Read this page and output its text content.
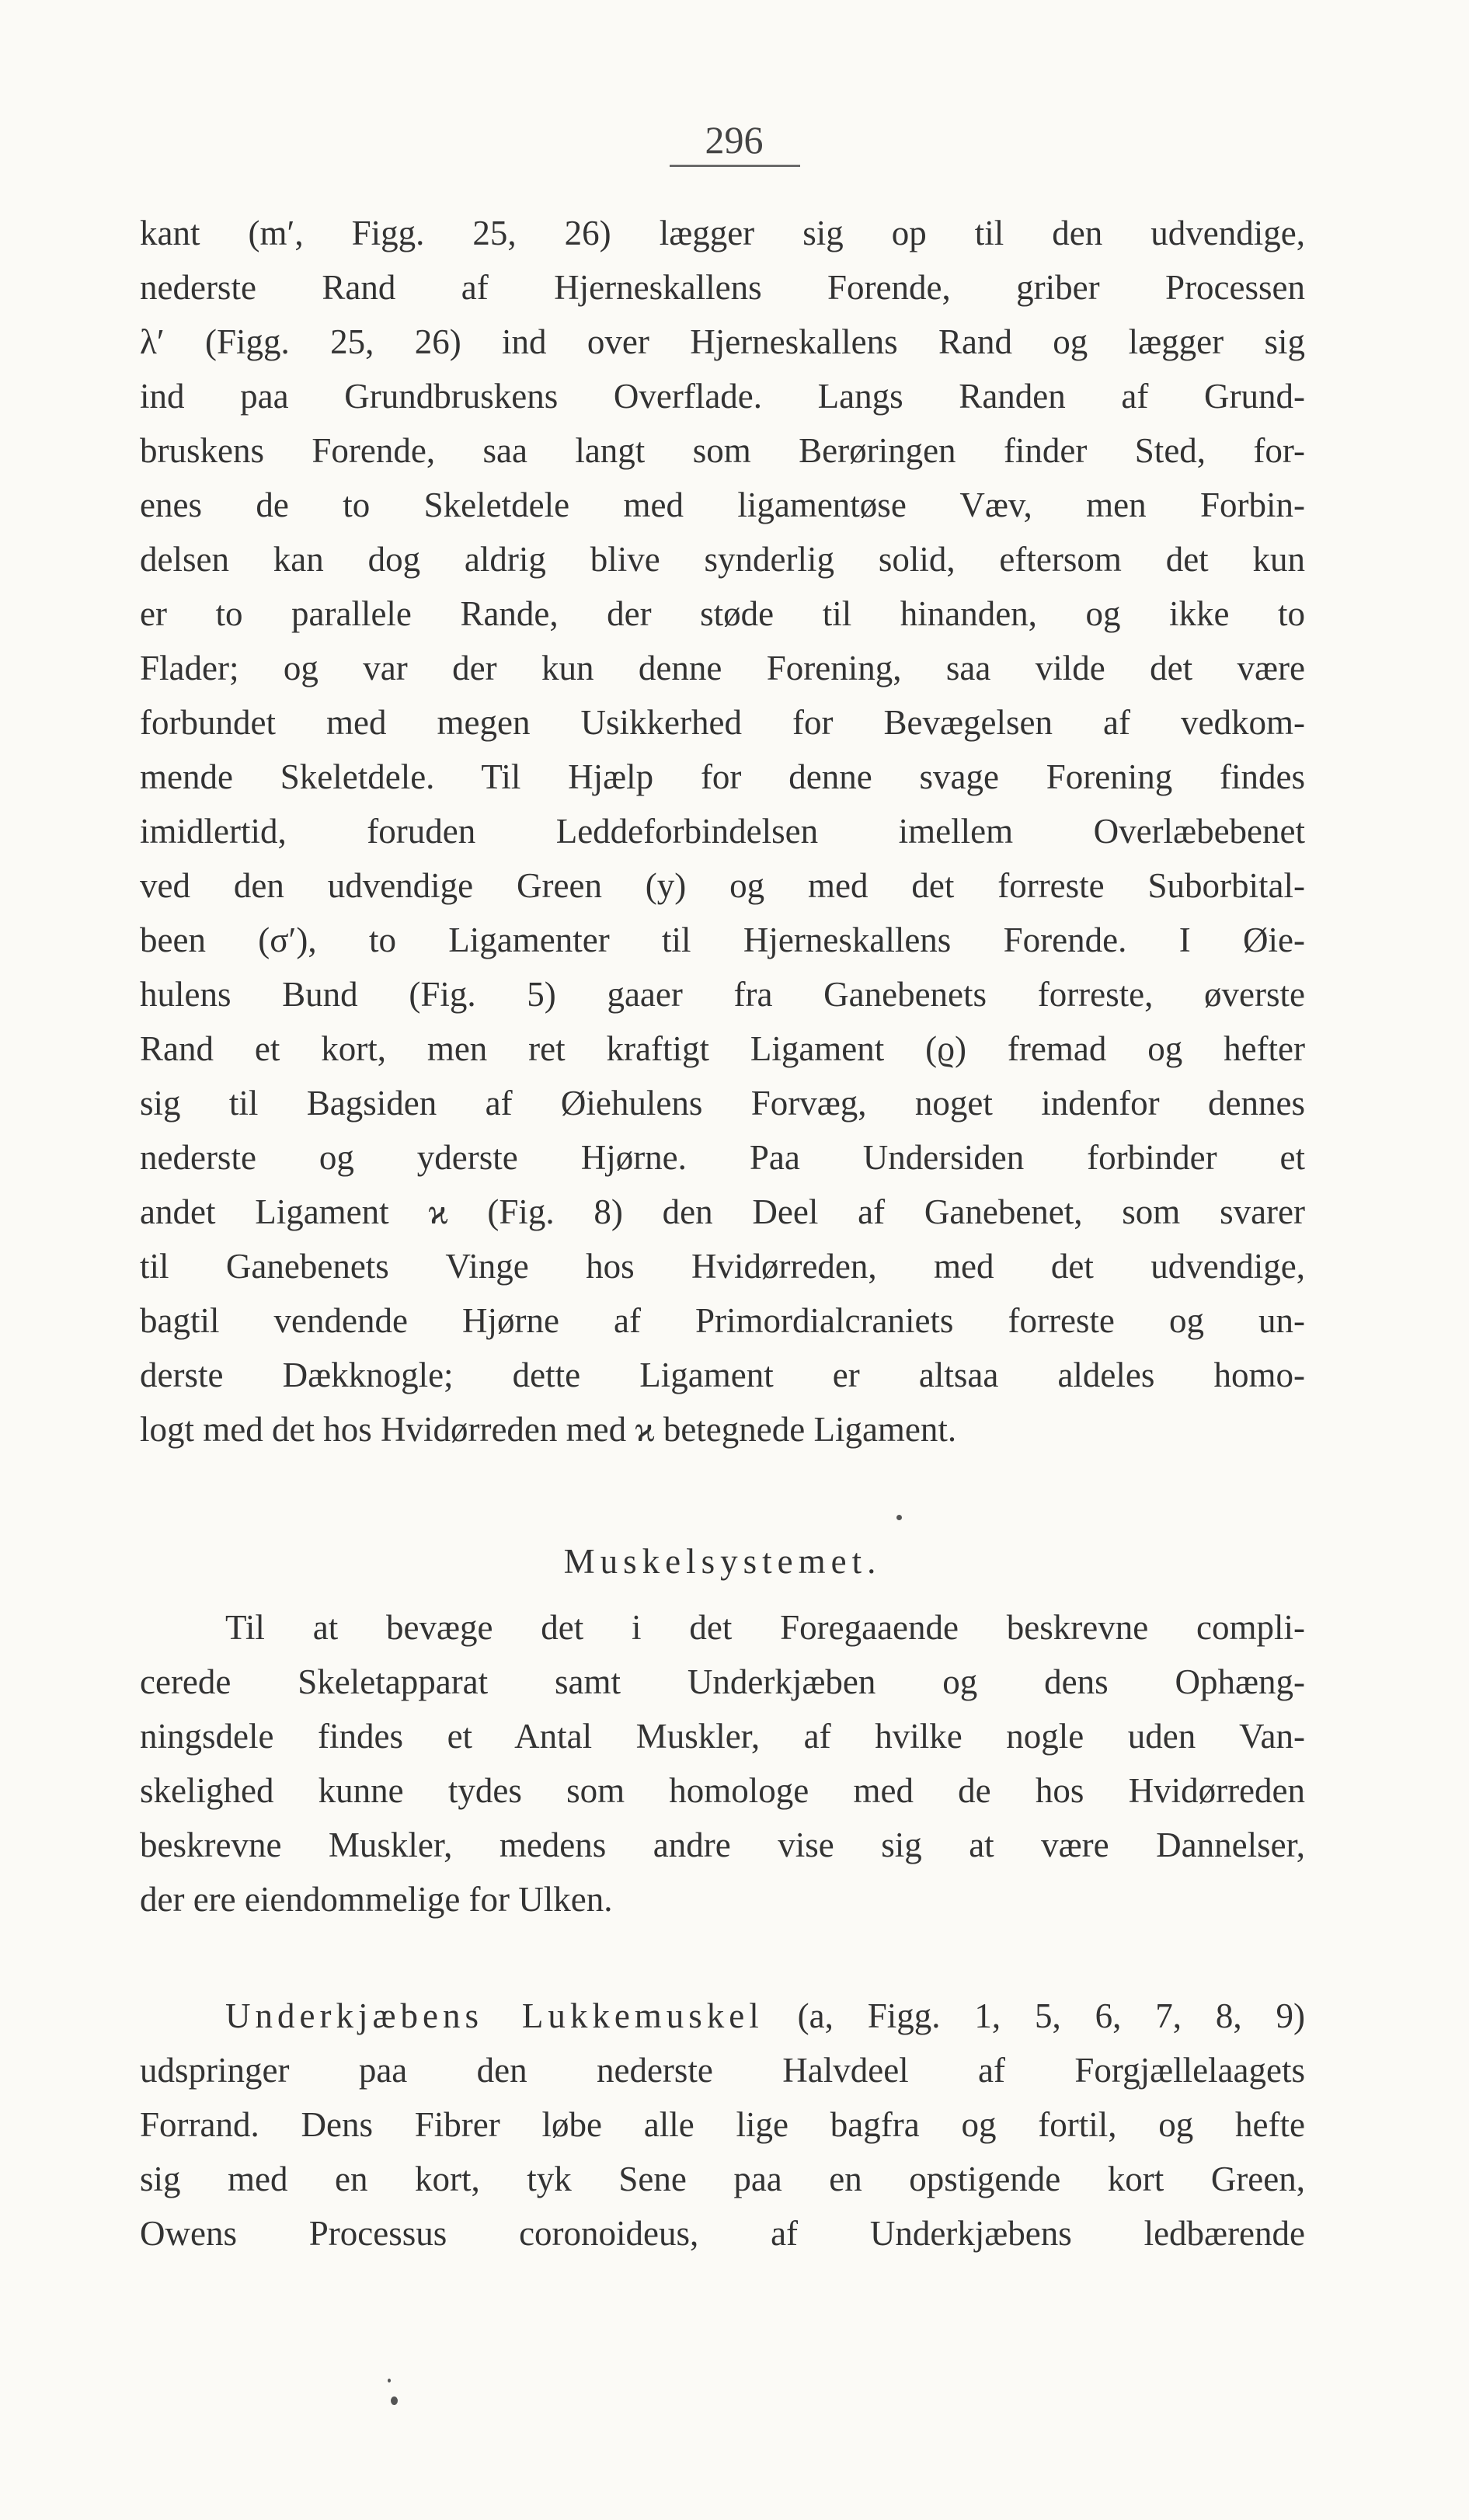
296

kant (m′, Figg. 25, 26) lægger sig op til den udvendige,

nederste Rand af Hjerneskallens Forende, griber Processen

λ′ (Figg. 25, 26) ind over Hjerneskallens Rand og lægger sig

ind paa Grundbruskens Overflade. Langs Randen af Grund-

bruskens Forende, saa langt som Berøringen finder Sted, for-

enes de to Skeletdele med ligamentøse Væv, men Forbin-

delsen kan dog aldrig blive synderlig solid, eftersom det kun

er to parallele Rande, der støde til hinanden, og ikke to

Flader; og var der kun denne Forening, saa vilde det være

forbundet med megen Usikkerhed for Bevægelsen af vedkom-

mende Skeletdele. Til Hjælp for denne svage Forening findes

imidlertid, foruden Leddeforbindelsen imellem Overlæbebenet

ved den udvendige Green (y) og med det forreste Suborbital-

been (σ′), to Ligamenter til Hjerneskallens Forende. I Øie-

hulens Bund (Fig. 5) gaaer fra Ganebenets forreste, øverste

Rand et kort, men ret kraftigt Ligament (ϱ) fremad og hefter

sig til Bagsiden af Øiehulens Forvæg, noget indenfor dennes

nederste og yderste Hjørne. Paa Undersiden forbinder et

andet Ligament ϰ (Fig. 8) den Deel af Ganebenet, som svarer

til Ganebenets Vinge hos Hvidørreden, med det udvendige,

bagtil vendende Hjørne af Primordialcraniets forreste og un-

derste Dækknogle; dette Ligament er altsaa aldeles homo-

logt med det hos Hvidørreden med ϰ betegnede Ligament.

Muskelsystemet.

Til at bevæge det i det Foregaaende beskrevne compli-

cerede Skeletapparat samt Underkjæben og dens Ophæng-

ningsdele findes et Antal Muskler, af hvilke nogle uden Van-

skelighed kunne tydes som homologe med de hos Hvidørreden

beskrevne Muskler, medens andre vise sig at være Dannelser,

der ere eiendommelige for Ulken.

Underkjæbens Lukkemuskel (a, Figg. 1, 5, 6, 7, 8, 9)

udspringer paa den nederste Halvdeel af Forgjællelaagets

Forrand. Dens Fibrer løbe alle lige bagfra og fortil, og hefte

sig med en kort, tyk Sene paa en opstigende kort Green,

Owens Processus coronoideus, af Underkjæbens ledbærende
